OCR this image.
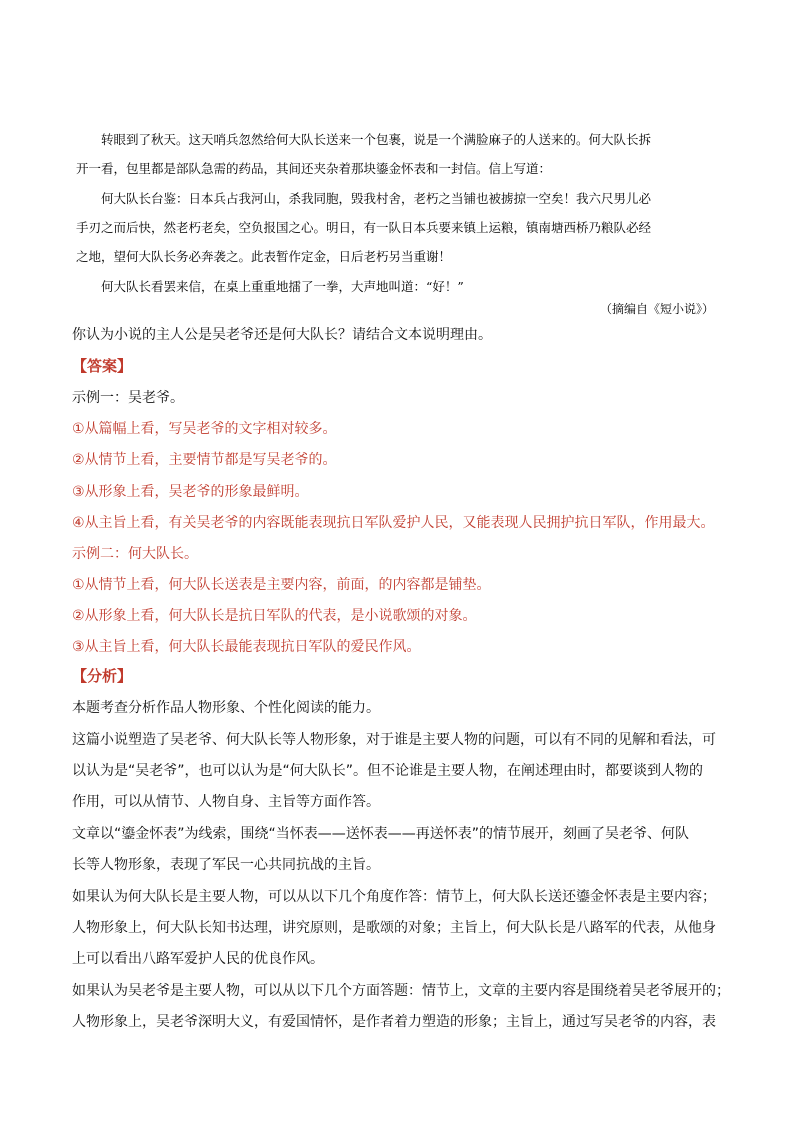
　　转眼到了秋天。这天哨兵忽然给何大队长送来一个包裹，说是一个满脸麻子的人送来的。何大队长拆
开一看，包里都是部队急需的药品，其间还夹杂着那块鎏金怀表和一封信。信上写道：
　　何大队长台鉴：日本兵占我河山，杀我同胞，毁我村舍，老朽之当铺也被掳掠一空矣！我六尺男儿必
手刃之而后快，然老朽老矣，空负报国之心。明日，有一队日本兵要来镇上运粮，镇南塘西桥乃粮队必经
之地，望何大队长务必奔袭之。此表暂作定金，日后老朽另当重谢！
　　何大队长看罢来信，在桌上重重地擂了一拳，大声地叫道：“好！”
（摘编自《短小说》）
你认为小说的主人公是吴老爷还是何大队长？请结合文本说明理由。
【答案】
示例一：吴老爷。
①从篇幅上看，写吴老爷的文字相对较多。
②从情节上看，主要情节都是写吴老爷的。
③从形象上看，吴老爷的形象最鲜明。
④从主旨上看，有关吴老爷的内容既能表现抗日军队爱护人民，又能表现人民拥护抗日军队，作用最大。
示例二：何大队长。
①从情节上看，何大队长送表是主要内容，前面，的内容都是铺垫。
②从形象上看，何大队长是抗日军队的代表，是小说歌颂的对象。
③从主旨上看，何大队长最能表现抗日军队的爱民作风。
【分析】
本题考查分析作品人物形象、个性化阅读的能力。
这篇小说塑造了吴老爷、何大队长等人物形象，对于谁是主要人物的问题，可以有不同的见解和看法，可
以认为是“吴老爷”，也可以认为是“何大队长”。但不论谁是主要人物，在阐述理由时，都要谈到人物的
作用，可以从情节、人物自身、主旨等方面作答。
文章以“鎏金怀表”为线索，围绕“当怀表——送怀表——再送怀表”的情节展开，刻画了吴老爷、何队
长等人物形象，表现了军民一心共同抗战的主旨。
如果认为何大队长是主要人物，可以从以下几个角度作答：情节上，何大队长送还鎏金怀表是主要内容；
人物形象上，何大队长知书达理，讲究原则，是歌颂的对象；主旨上，何大队长是八路军的代表，从他身
上可以看出八路军爱护人民的优良作风。
如果认为吴老爷是主要人物，可以从以下几个方面答题：情节上，文章的主要内容是围绕着吴老爷展开的；
人物形象上，吴老爷深明大义，有爱国情怀，是作者着力塑造的形象；主旨上，通过写吴老爷的内容，表
